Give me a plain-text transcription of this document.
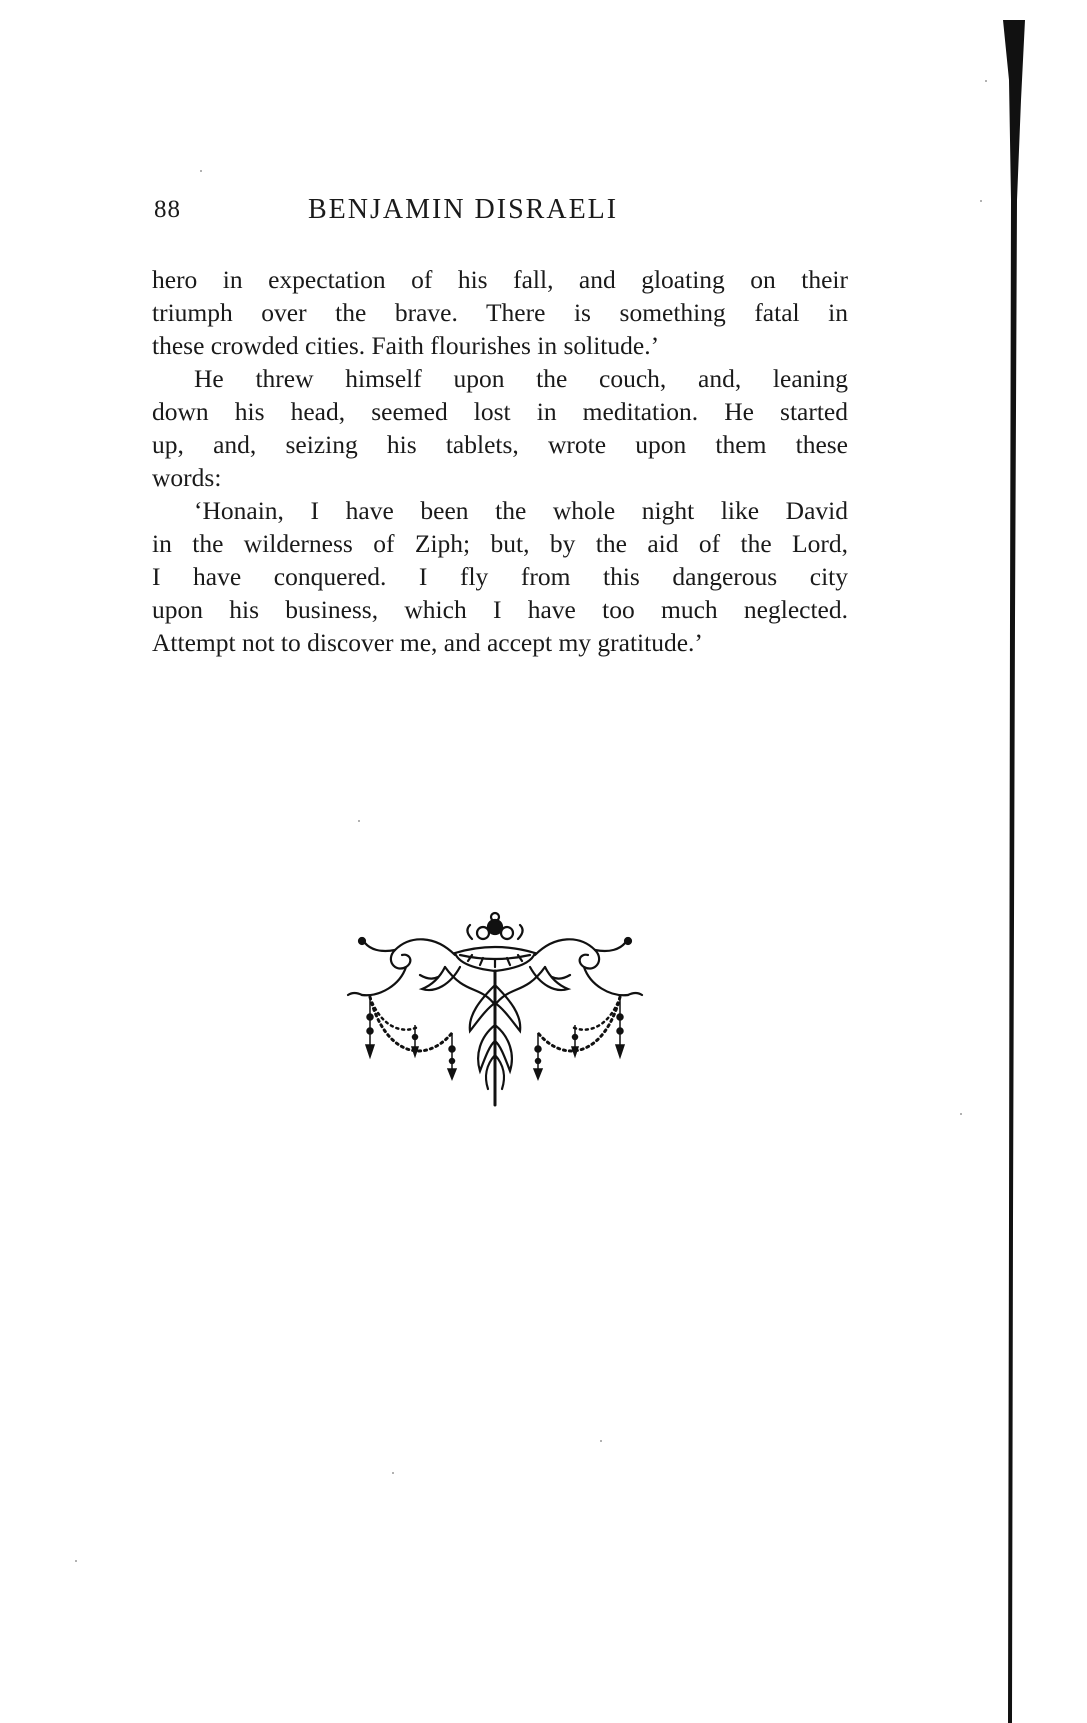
88	BENJAMIN DISRAELI
hero in expectation of his fall, and gloating on their
triumph over the brave. There is something fatal in
these crowded cities. Faith flourishes in solitude.’
He threw himself upon the couch, and, leaning
down his head, seemed lost in meditation. He started
up, and, seizing his tablets, wrote upon them these
words:
‘Honain, I have been the whole night like David
in the wilderness of Ziph; but, by the aid of the Lord,
I have conquered. I fly from this dangerous city
upon his business, which I have too much neglected.
Attempt not to discover me, and accept my gratitude.’
